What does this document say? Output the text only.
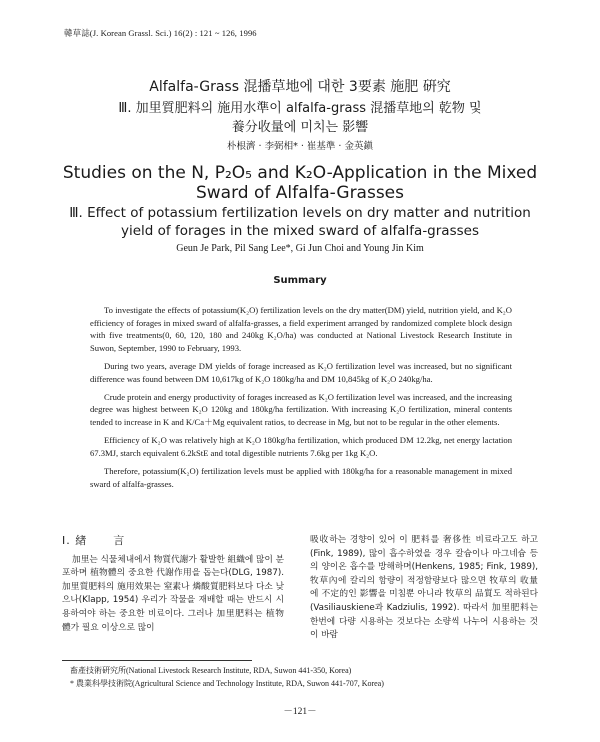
韓草誌(J. Korean Grassl. Sci.) 16(2) : 121 ~ 126, 1996
Alfalfa-Grass 混播草地에 대한 3要素 施肥 硏究
Ⅲ. 加里質肥料의 施用水準이 alfalfa-grass 混播草地의 乾物 및
養分收量에 미치는 影響
朴根濟 · 李弼相* · 崔基準 · 金英鎭
Studies on the N, P₂O₅ and K₂O-Application in the Mixed
Sward of Alfalfa-Grasses
Ⅲ. Effect of potassium fertilization levels on dry matter and nutrition
yield of forages in the mixed sward of alfalfa-grasses
Geun Je Park, Pil Sang Lee*, Gi Jun Choi and Young Jin Kim
Summary

To investigate the effects of potassium(K₂O) fertilization levels on the dry matter(DM) yield, nutrition yield, and K₂O efficiency of forages in mixed sward of alfalfa-grasses, a field experiment arranged by randomized complete block design with five treatments(0, 60, 120, 180 and 240kg K₂O/ha) was conducted at National Livestock Research Institute in Suwon, September, 1990 to February, 1993.

During two years, average DM yields of forage increased as K₂O fertilization level was increased, but no significant difference was found between DM 10,617kg of K₂O 180kg/ha and DM 10,845kg of K₂O 240kg/ha.

Crude protein and energy productivity of forages increased as K₂O fertilization level was increased, and the increasing degree was highest between K₂O 120kg and 180kg/ha fertilization. With increasing K₂O fertilization, mineral contents tended to increase in K and K/Ca＋Mg equivalent ratios, to decrease in Mg, but not to be regular in the other elements.

Efficiency of K₂O was relatively high at K₂O 180kg/ha fertilization, which produced DM 12.2kg, net energy lactation 67.3MJ, starch equivalent 6.2kStE and total digestible nutrients 7.6kg per 1kg K₂O.

Therefore, potassium(K₂O) fertilization levels must be applied with 180kg/ha for a reasonable management in mixed sward of alfalfa-grasses.

Ⅰ. 緖 言

加里는 식물체내에서 物質代謝가 활발한 組織에 많이 분포하며 植物體의 중요한 代謝作用을 돕는다(DLG, 1987). 加里質肥料의 施用效果는 窒素나 燐酸質肥料보다 다소 낮으나(Klapp, 1954) 우리가 작물을 재배할 때는 반드시 시용하여야 하는 중요한 비료이다. 그러나 加里肥料는 植物體가 필요 이상으로 많이

吸收하는 경향이 있어 이 肥料를 奢侈性 비료라고도 하고(Fink, 1989), 많이 흡수하였을 경우 칼슘이나 마그네슘 등의 양이온 흡수를 방해하며(Henkens, 1985; Fink, 1989), 牧草內에 칼리의 함량이 적정함량보다 많으면 牧草의 收量에 不定的인 影響을 미침뿐 아니라 牧草의 品質도 적하된다(Vasiliauskiene과 Kadziulis, 1992). 따라서 加里肥料는 한번에 다량 시용하는 것보다는 소량씩 나누어 시용하는 것이 바람

畜產技術硏究所(National Livestock Research Institute, RDA, Suwon 441-350, Korea)
* 農業科學技術院(Agricultural Science and Technology Institute, RDA, Suwon 441-707, Korea)
－121－
